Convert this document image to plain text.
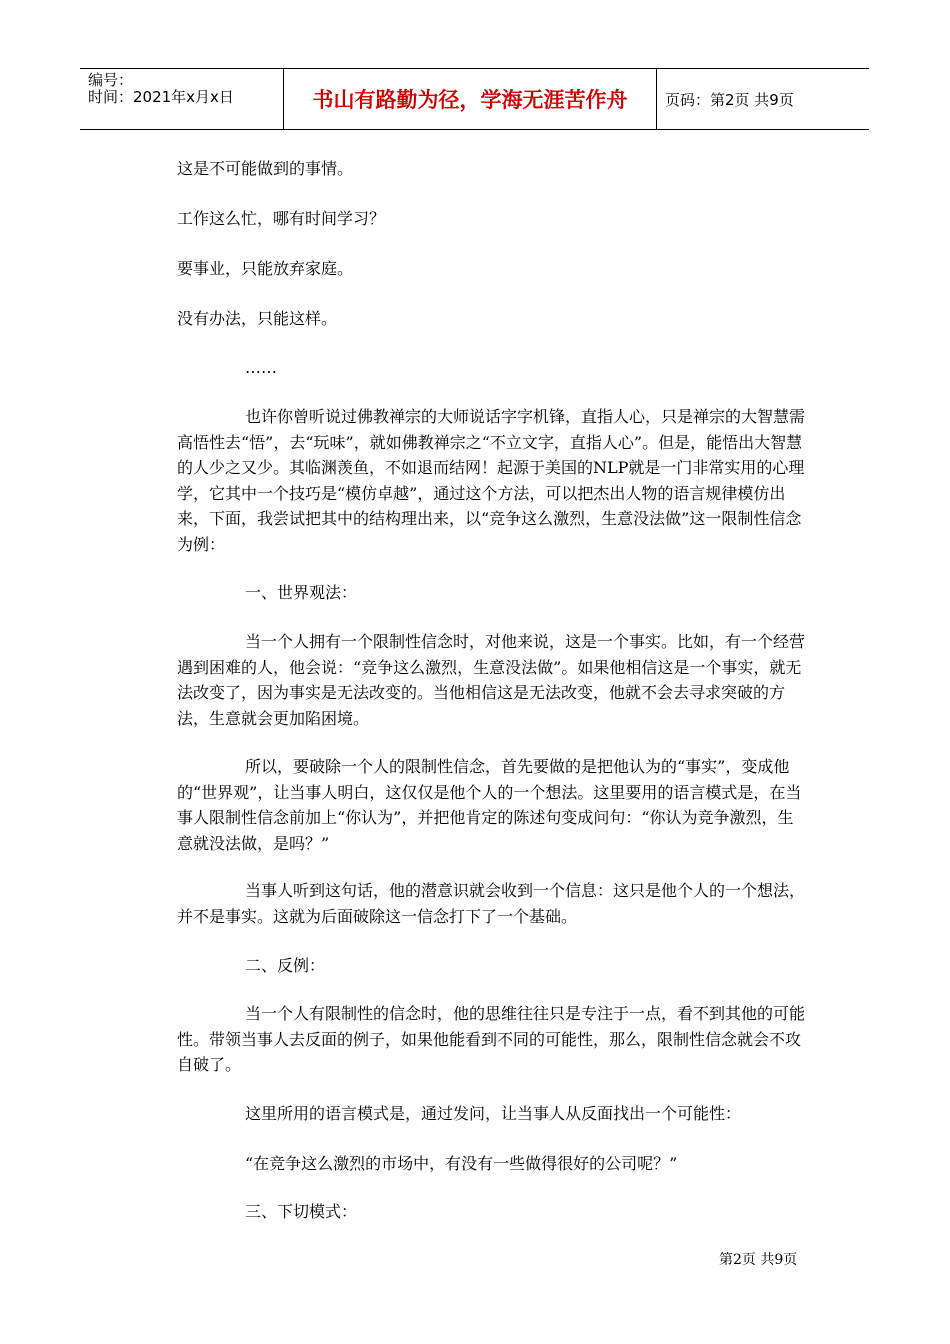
编号：
时间：2021年x月x日	书山有路勤为径，学海无涯苦作舟	页码：第2页 共9页

这是不可能做到的事情。

工作这么忙，哪有时间学习？

要事业，只能放弃家庭。

没有办法，只能这样。

……

也许你曾听说过佛教禅宗的大师说话字字机锋，直指人心，只是禅宗的大智慧需高悟性去“悟”，去“玩味”，就如佛教禅宗之“不立文字，直指人心”。但是，能悟出大智慧的人少之又少。其临渊羡鱼，不如退而结网！起源于美国的NLP就是一门非常实用的心理学，它其中一个技巧是“模仿卓越”，通过这个方法，可以把杰出人物的语言规律模仿出来，下面，我尝试把其中的结构理出来，以“竞争这么激烈，生意没法做”这一限制性信念为例：

一、世界观法：

当一个人拥有一个限制性信念时，对他来说，这是一个事实。比如，有一个经营遇到困难的人，他会说：“竞争这么激烈，生意没法做”。如果他相信这是一个事实，就无法改变了，因为事实是无法改变的。当他相信这是无法改变，他就不会去寻求突破的方法，生意就会更加陷困境。

所以，要破除一个人的限制性信念，首先要做的是把他认为的“事实”，变成他的“世界观”，让当事人明白，这仅仅是他个人的一个想法。这里要用的语言模式是，在当事人限制性信念前加上“你认为”，并把他肯定的陈述句变成问句：“你认为竞争激烈，生意就没法做，是吗？”

当事人听到这句话，他的潜意识就会收到一个信息：这只是他个人的一个想法，并不是事实。这就为后面破除这一信念打下了一个基础。

二、反例：

当一个人有限制性的信念时，他的思维往往只是专注于一点，看不到其他的可能性。带领当事人去反面的例子，如果他能看到不同的可能性，那么，限制性信念就会不攻自破了。

这里所用的语言模式是，通过发问，让当事人从反面找出一个可能性：

“在竞争这么激烈的市场中，有没有一些做得很好的公司呢？”

三、下切模式：

第2页 共9页
